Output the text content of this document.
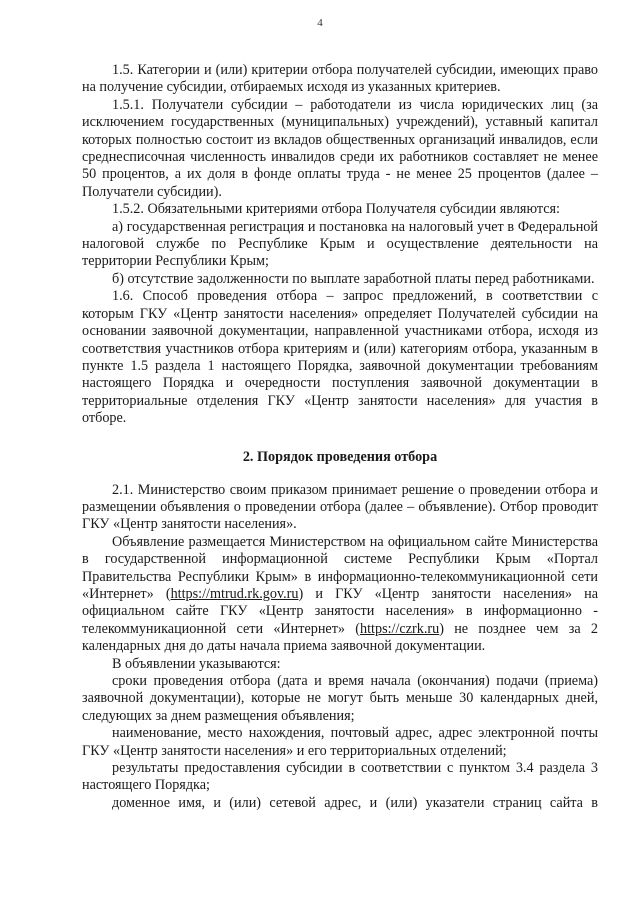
4

1.5. Категории и (или) критерии отбора получателей субсидии, имеющих право на получение субсидии, отбираемых исходя из указанных критериев.

1.5.1. Получатели субсидии – работодатели из числа юридических лиц (за исключением государственных (муниципальных) учреждений), уставный капитал которых полностью состоит из вкладов общественных организаций инвалидов, если среднесписочная численность инвалидов среди их работников составляет не менее 50 процентов, а их доля в фонде оплаты труда - не менее 25 процентов (далее – Получатели субсидии).

1.5.2. Обязательными критериями отбора Получателя субсидии являются:

а) государственная регистрация и постановка на налоговый учет в Федеральной налоговой службе по Республике Крым и осуществление деятельности на территории Республики Крым;

б) отсутствие задолженности по выплате заработной платы перед работниками.

1.6. Способ проведения отбора – запрос предложений, в соответствии с которым ГКУ «Центр занятости населения» определяет Получателей субсидии на основании заявочной документации, направленной участниками отбора, исходя из соответствия участников отбора критериям и (или) категориям отбора, указанным в пункте 1.5 раздела 1 настоящего Порядка, заявочной документации требованиям настоящего Порядка и очередности поступления заявочной документации в территориальные отделения ГКУ «Центр занятости населения» для участия в отборе.

2. Порядок проведения отбора

2.1. Министерство своим приказом принимает решение о проведении отбора и размещении объявления о проведении отбора (далее – объявление). Отбор проводит ГКУ «Центр занятости населения».

Объявление размещается Министерством на официальном сайте Министерства в государственной информационной системе Республики Крым «Портал Правительства Республики Крым» в информационно-телекоммуникационной сети «Интернет» (https://mtrud.rk.gov.ru) и ГКУ «Центр занятости населения» на официальном сайте ГКУ «Центр занятости населения» в информационно - телекоммуникационной сети «Интернет» (https://czrk.ru) не позднее чем за 2 календарных дня до даты начала приема заявочной документации.

В объявлении указываются:

сроки проведения отбора (дата и время начала (окончания) подачи (приема) заявочной документации), которые не могут быть меньше 30 календарных дней, следующих за днем размещения объявления;

наименование, место нахождения, почтовый адрес, адрес электронной почты ГКУ «Центр занятости населения» и его территориальных отделений;

результаты предоставления субсидии в соответствии с пунктом 3.4 раздела 3 настоящего Порядка;

доменное имя, и (или) сетевой адрес, и (или) указатели страниц сайта в
